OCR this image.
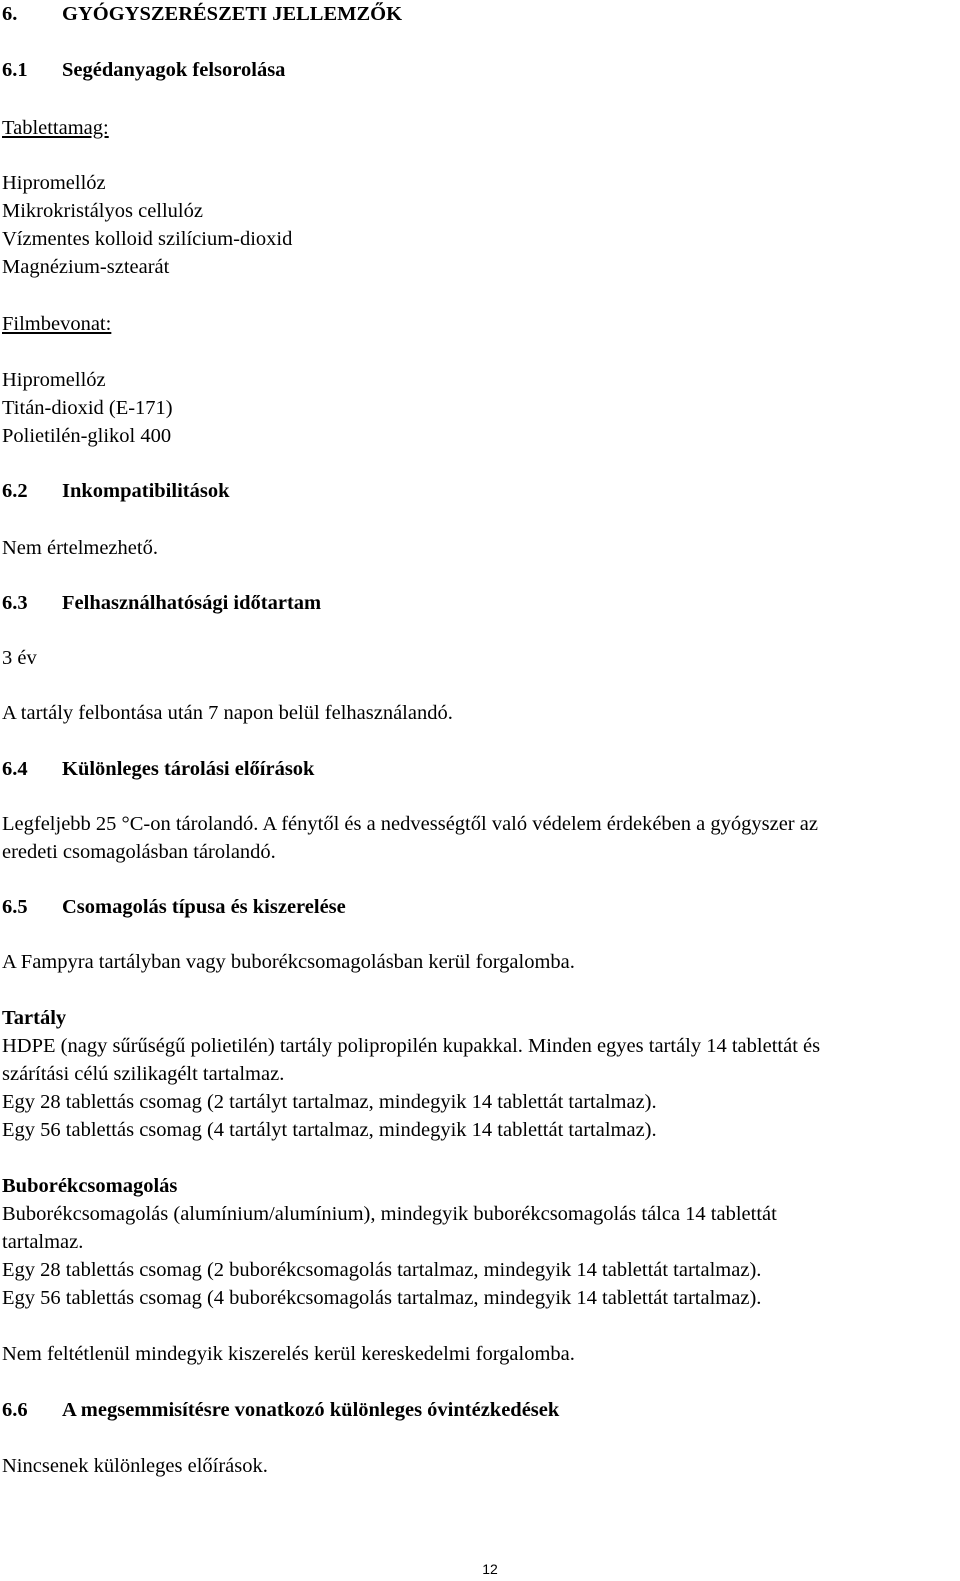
6. GYÓGYSZERÉSZETI JELLEMZŐK
6.1 Segédanyagok felsorolása
Tablettamag:
Hipromellóz
Mikrokristályos cellulóz
Vízmentes kolloid szilícium-dioxid
Magnézium-sztearát
Filmbevonat:
Hipromellóz
Titán-dioxid (E-171)
Polietilén-glikol 400
6.2 Inkompatibilitások
Nem értelmezhető.
6.3 Felhasználhatósági időtartam
3 év
A tartály felbontása után 7 napon belül felhasználandó.
6.4 Különleges tárolási előírások
Legfeljebb 25 °C-on tárolandó. A fénytől és a nedvességtől való védelem érdekében a gyógyszer az
eredeti csomagolásban tárolandó.
6.5 Csomagolás típusa és kiszerelése
A Fampyra tartályban vagy buborékcsomagolásban kerül forgalomba.
Tartály
HDPE (nagy sűrűségű polietilén) tartály polipropilén kupakkal. Minden egyes tartály 14 tablettát és
szárítási célú szilikagélt tartalmaz.
Egy 28 tablettás csomag (2 tartályt tartalmaz, mindegyik 14 tablettát tartalmaz).
Egy 56 tablettás csomag (4 tartályt tartalmaz, mindegyik 14 tablettát tartalmaz).
Buborékcsomagolás
Buborékcsomagolás (alumínium/alumínium), mindegyik buborékcsomagolás tálca 14 tablettát
tartalmaz.
Egy 28 tablettás csomag (2 buborékcsomagolás tartalmaz, mindegyik 14 tablettát tartalmaz).
Egy 56 tablettás csomag (4 buborékcsomagolás tartalmaz, mindegyik 14 tablettát tartalmaz).
Nem feltétlenül mindegyik kiszerelés kerül kereskedelmi forgalomba.
6.6 A megsemmisítésre vonatkozó különleges óvintézkedések
Nincsenek különleges előírások.
12
